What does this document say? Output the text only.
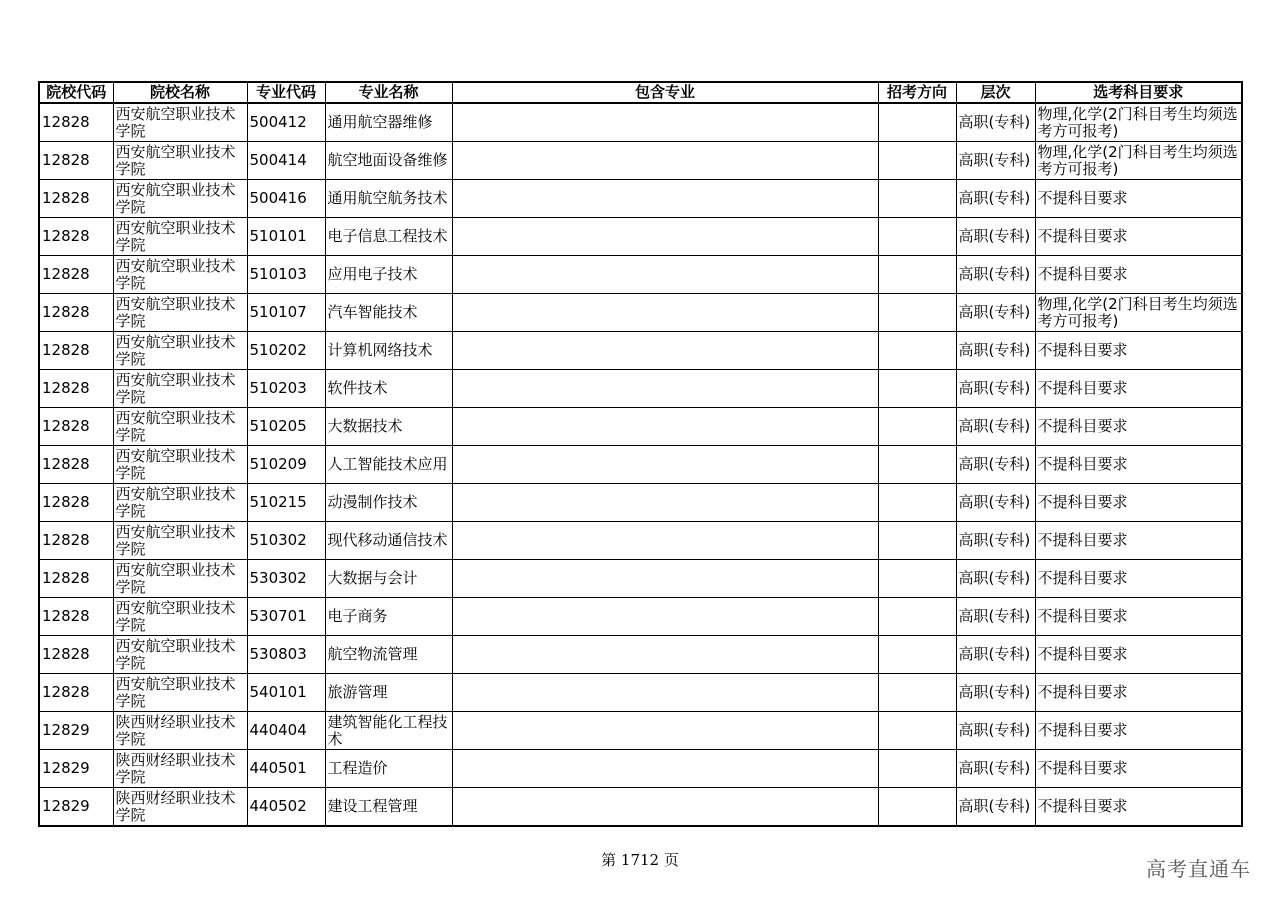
院校代码	院校名称	专业代码	专业名称	包含专业	招考方向	层次	选考科目要求

12828	西安航空职业技术学院	500412	通用航空器维修			高职(专科)	物理,化学(2门科目考生均须选考方可报考)

12828	西安航空职业技术学院	500414	航空地面设备维修			高职(专科)	物理,化学(2门科目考生均须选考方可报考)

12828	西安航空职业技术学院	500416	通用航空航务技术			高职(专科)	不提科目要求

12828	西安航空职业技术学院	510101	电子信息工程技术			高职(专科)	不提科目要求

12828	西安航空职业技术学院	510103	应用电子技术			高职(专科)	不提科目要求

12828	西安航空职业技术学院	510107	汽车智能技术			高职(专科)	物理,化学(2门科目考生均须选考方可报考)

12828	西安航空职业技术学院	510202	计算机网络技术			高职(专科)	不提科目要求

12828	西安航空职业技术学院	510203	软件技术			高职(专科)	不提科目要求

12828	西安航空职业技术学院	510205	大数据技术			高职(专科)	不提科目要求

12828	西安航空职业技术学院	510209	人工智能技术应用			高职(专科)	不提科目要求

12828	西安航空职业技术学院	510215	动漫制作技术			高职(专科)	不提科目要求

12828	西安航空职业技术学院	510302	现代移动通信技术			高职(专科)	不提科目要求

12828	西安航空职业技术学院	530302	大数据与会计			高职(专科)	不提科目要求

12828	西安航空职业技术学院	530701	电子商务			高职(专科)	不提科目要求

12828	西安航空职业技术学院	530803	航空物流管理			高职(专科)	不提科目要求

12828	西安航空职业技术学院	540101	旅游管理			高职(专科)	不提科目要求

12829	陕西财经职业技术学院	440404	建筑智能化工程技术			高职(专科)	不提科目要求

12829	陕西财经职业技术学院	440501	工程造价			高职(专科)	不提科目要求

12829	陕西财经职业技术学院	440502	建设工程管理			高职(专科)	不提科目要求
第 1712 页	高考直通车
